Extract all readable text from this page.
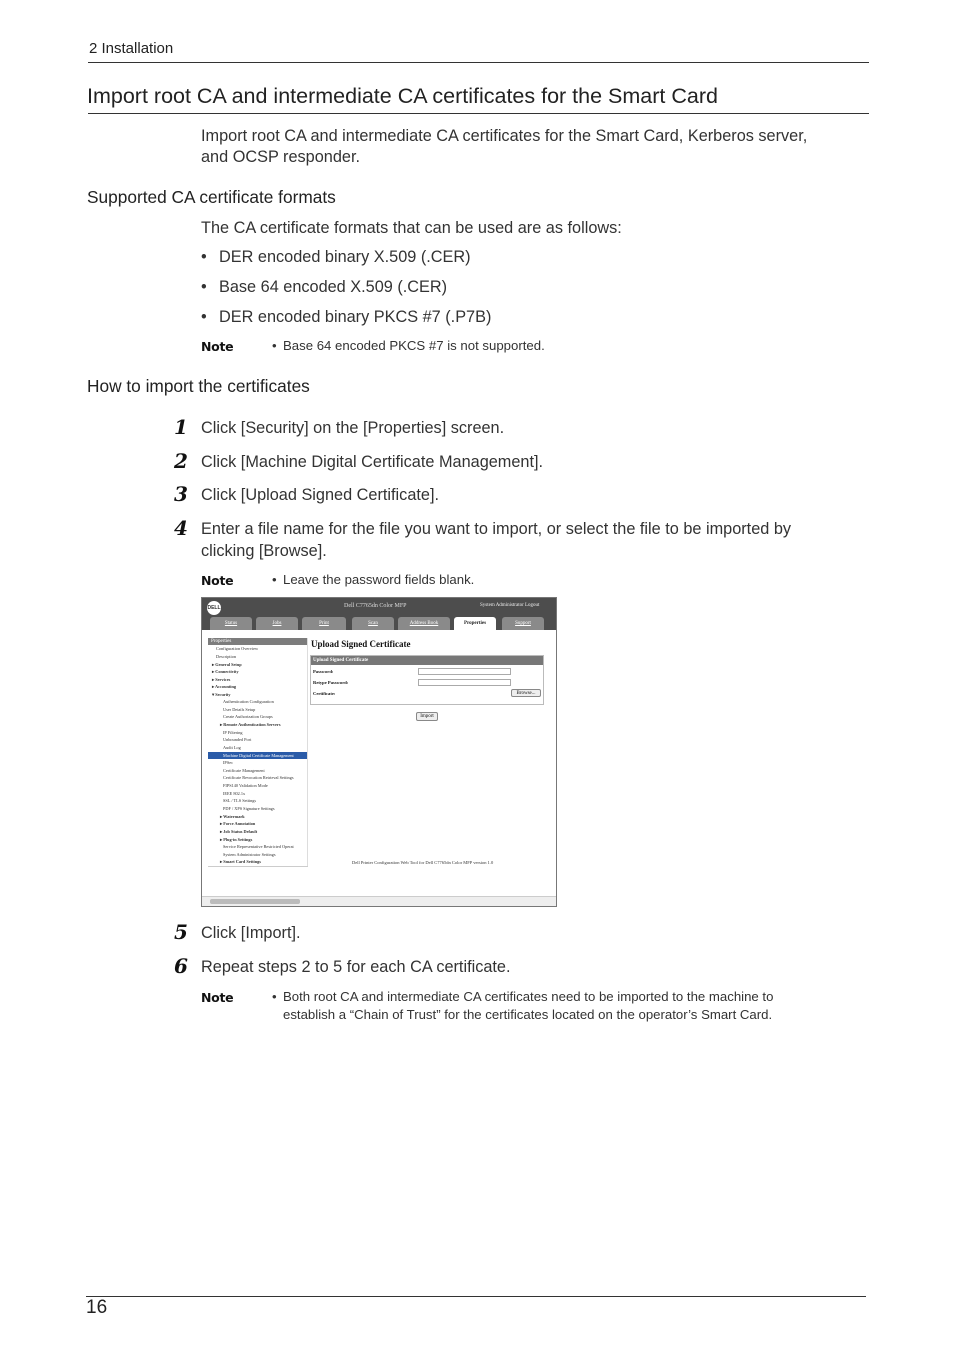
2 Installation
Import root CA and intermediate CA certificates for the Smart Card
Import root CA and intermediate CA certificates for the Smart Card, Kerberos server,
and OCSP responder.
Supported CA certificate formats
The CA certificate formats that can be used are as follows:
• DER encoded binary X.509 (.CER)
• Base 64 encoded X.509 (.CER)
• DER encoded binary PKCS #7 (.P7B)
Note	• Base 64 encoded PKCS #7 is not supported.
How to import the certificates
1 Click [Security] on the [Properties] screen.
2 Click [Machine Digital Certificate Management].
3 Click [Upload Signed Certificate].
4 Enter a file name for the file you want to import, or select the file to be imported by
clicking [Browse].
Note	• Leave the password fields blank.
DELL	Dell C7765dn Color MFP	System Administrator Logout
Status	Jobs	Print	Scan	Address Book	Properties	Support
Properties
Configuration Overview
Description
▸ General Setup
▸ Connectivity
▸ Services
▸ Accounting
▾ Security
Authentication Configuration
User Details Setup
Create Authorization Groups
▸ Remote Authentication Servers
IP Filtering
Unbounded Port
Audit Log
Machine Digital Certificate Management
IPSec
Certificate Management
Certificate Revocation Retrieval Settings
FIPS140 Validation Mode
IEEE 802.1x
SSL / TLS Settings
PDF / XPS Signature Settings
▸ Watermark
▸ Force Annotation
▸ Job Status Default
▸ Plug-in Settings
Service Representative Restricted Operat
System Administrator Settings
▸ Smart Card Settings
Upload Signed Certificate
Upload Signed Certificate
Password:
Retype Password:
Certificate:	Browse...
Import
Dell Printer Configuration Web Tool for Dell C7765dn Color MFP version 1.0
5 Click [Import].
6 Repeat steps 2 to 5 for each CA certificate.
Note	• Both root CA and intermediate CA certificates need to be imported to the machine to
establish a “Chain of Trust” for the certificates located on the operator’s Smart Card.
16
